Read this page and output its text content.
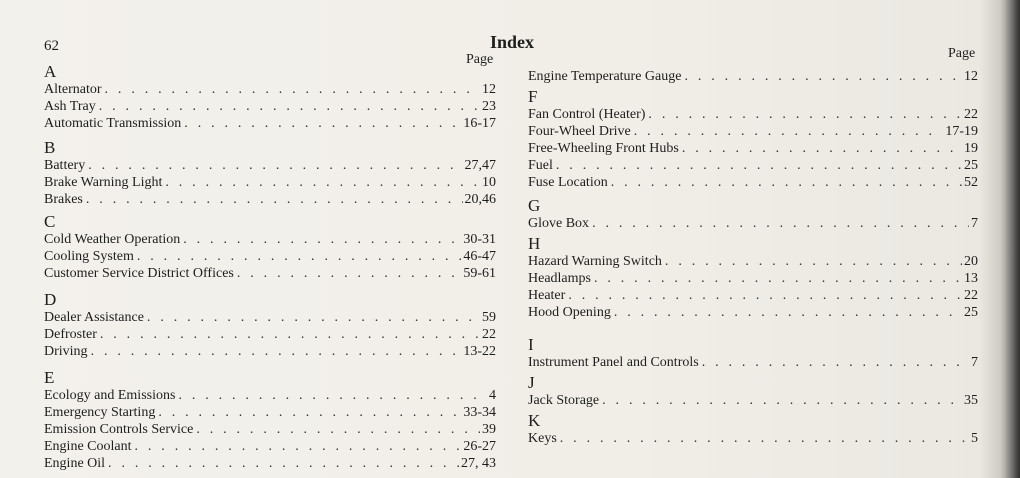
62	Index
Page	Page
A
Alternator . . .	12
Ash Tray . . .	23
Automatic Transmission . . .	16-17
B
Battery . . .	27,47
Brake Warning Light . . .	10
Brakes . . .	20,46
C
Cold Weather Operation . . .	30-31
Cooling System . . .	46-47
Customer Service District Offices . . .	59-61
D
Dealer Assistance . . .	59
Defroster . . .	22
Driving . . .	13-22
E
Ecology and Emissions . . .	4
Emergency Starting . . .	33-34
Emission Controls Service . . .	39
Engine Coolant . . .	26-27
Engine Oil . . .	27, 43
Engine Temperature Gauge . . .	12
F
Fan Control (Heater) . . .	22
Four-Wheel Drive . . .	17-19
Free-Wheeling Front Hubs . . .	19
Fuel . . .	25
Fuse Location . . .	52
G
Glove Box . . .	7
H
Hazard Warning Switch . . .	20
Headlamps . . .	13
Heater . . .	22
Hood Opening . . .	25
I
Instrument Panel and Controls . . .	7
J
Jack Storage . . .	35
K
Keys . . .	5
